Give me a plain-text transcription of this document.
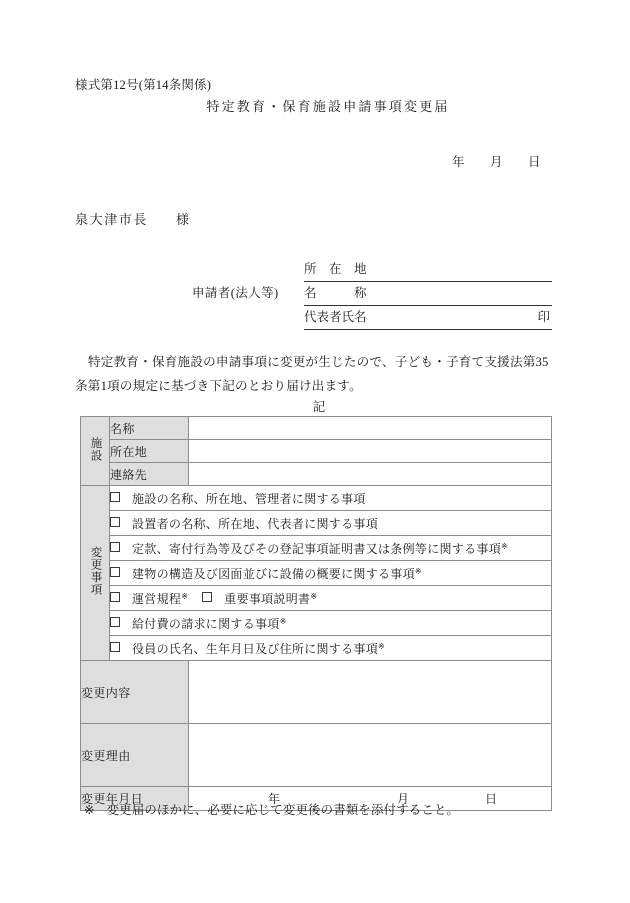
様式第12号(第14条関係)
特定教育・保育施設申請事項変更届
年 月 日
泉大津市長 様
申請者(法人等)
所　在　地
名　　　称
代表者氏名	印
特定教育・保育施設の申請事項に変更が生じたので、子ども・子育て支援法第35条第1項の規定に基づき下記のとおり届け出ます。
記
施設	名称	
	所在地	
	連絡先	
変更事項	施設の名称、所在地、管理者に関する事項	
	設置者の名称、所在地、代表者に関する事項	
	定款、寄付行為等及びその登記事項証明書又は条例等に関する事項※
	建物の構造及び図面並びに設備の概要に関する事項※
	運営規程※ 重要事項説明書※
	給付費の請求に関する事項※
	役員の氏名、生年月日及び住所に関する事項※
変更内容		
変更理由		
変更年月日		年 月 日
※ 変更届のほかに、必要に応じて変更後の書類を添付すること。
